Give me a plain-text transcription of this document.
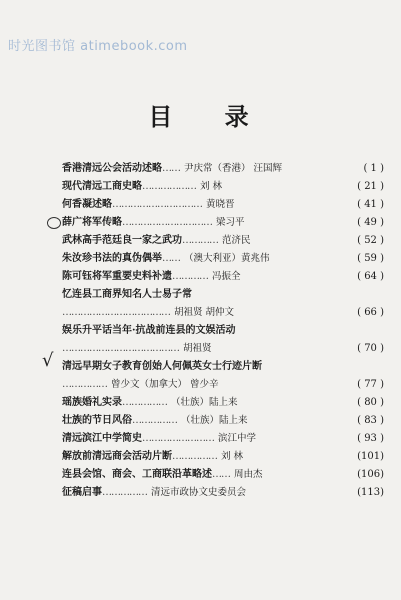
时光图书馆 atimebook.com
目 录
香港清远公会活动述略…… 尹庆常（香港） 汪国辉	( 1 )
现代清远工商史略……………… 刘 林	( 21 )
何香凝述略………………………… 黄晓晋	( 41 )
薛广将军传略………………………… 梁习平	( 49 )
武林高手范廷良一家之武功………… 范济民	( 52 )
朱汝珍书法的真伪偶举…… （澳大利亚）黄兆伟	( 59 )
陈可钰将军重要史料补遗………… 冯振全	( 64 )
忆连县工商界知名人士易子常
……………………………… 胡祖贤 胡仲文	( 66 )
娱乐升平话当年·抗战前连县的文娱活动
………………………………… 胡祖贤	( 70 )
√ 清远早期女子教育创始人何佩英女士行迹片断
…………… 曾少文（加拿大） 曾少辛	( 77 )
瑶族婚礼实录…………… （壮族）陆上来	( 80 )
壮族的节日风俗…………… （壮族）陆上来	( 83 )
清远滨江中学简史…………………… 滨江中学	( 93 )
解放前清远商会活动片断…………… 刘 林	(101)
连县会馆、商会、工商联沿革略述…… 周由杰	(106)
征稿启事…………… 清远市政协文史委员会	(113)
